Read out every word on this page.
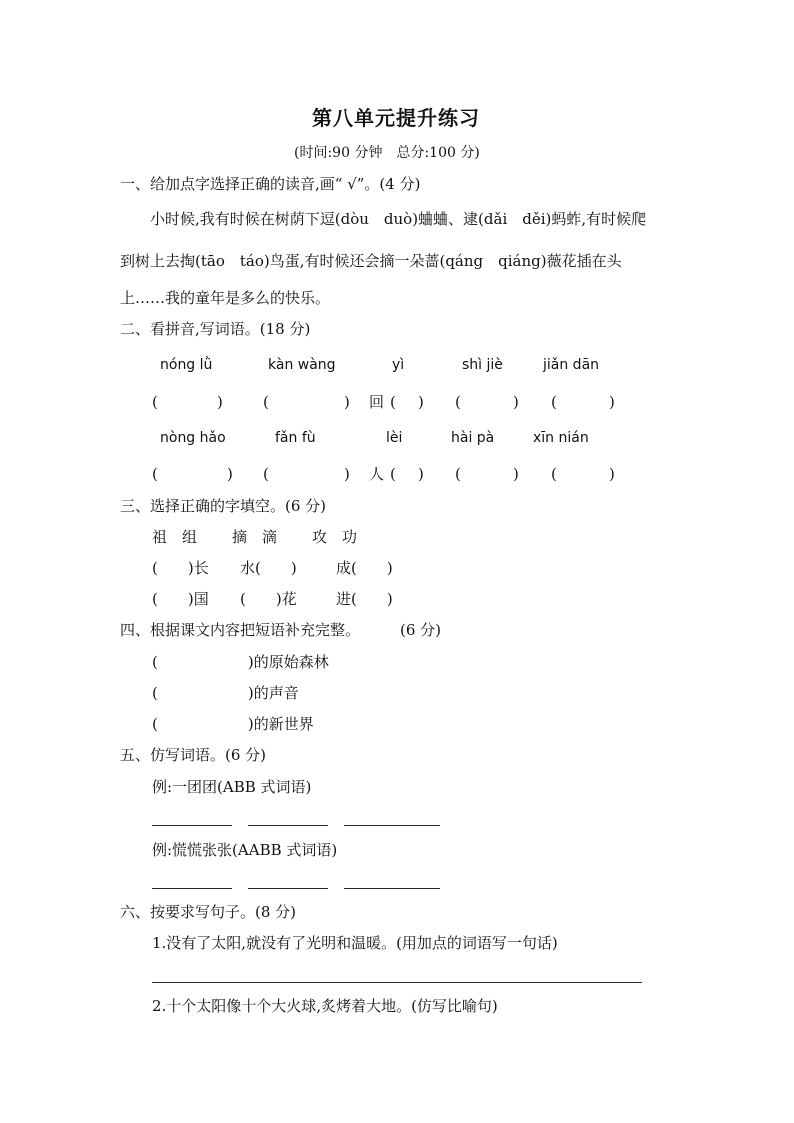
第八单元提升练习
(时间:90 分钟　总分:100 分)
一、给加点字选择正确的读音,画“ √”。(4 分)
小时候,我有时候在树荫下逗(dòu　duò)蛐蛐、逮(dǎi　děi)蚂蚱,有时候爬
到树上去掏(tāo　táo)鸟蛋,有时候还会摘一朵蔷(qáng　qiáng)薇花插在头
上……我的童年是多么的快乐。
二、看拼音,写词语。(18 分)
nóng lǜ	kàn wàng	yì	shì jiè	jiǎn dān
(	)	(	) 回 ( ) (	) (	)
nòng hǎo	fǎn fù	lèi	hài pà	xīn nián
(	) (	) 人 ( ) (	) (	)
三、选择正确的字填空。(6 分)
祖　组 摘　滴 攻　功
(　　)长 水(　　)	成(　　)
(　　)国 (　　)花	进(　　)
四、根据课文内容把短语补充完整。	(6 分)
(　　　　　　)的原始森林
(　　　　　　)的声音
(　　　　　　)的新世界
五、仿写词语。(6 分)
例:一团团(ABB 式词语)
例:慌慌张张(AABB 式词语)
六、按要求写句子。(8 分)
1.没有了太阳,就没有了光明和温暖。(用加点的词语写一句话)
2.十个太阳像十个大火球,炙烤着大地。(仿写比喻句)
